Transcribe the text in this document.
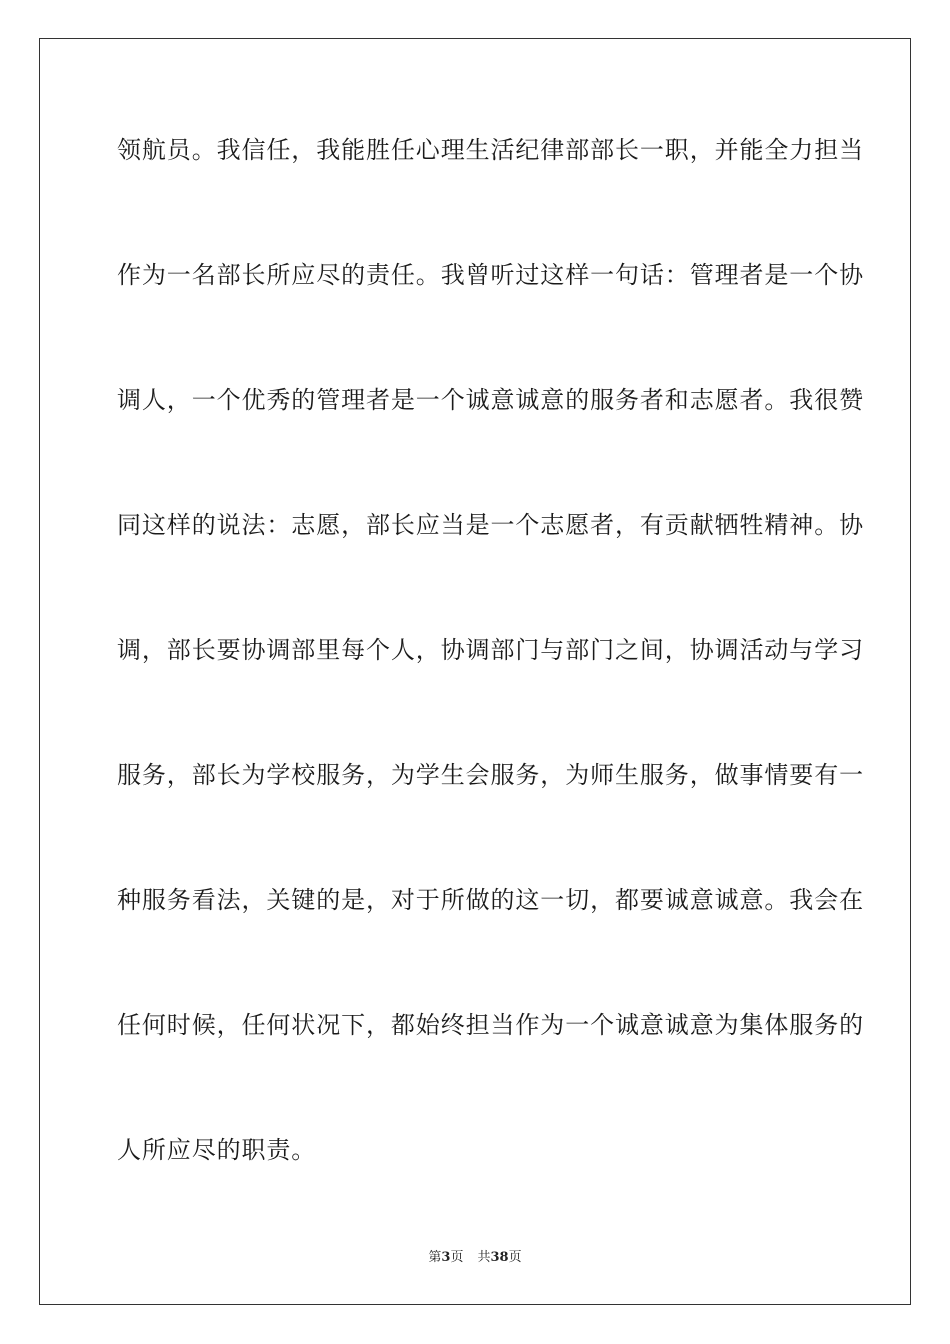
领航员。我信任，我能胜任心理生活纪律部部长一职，并能全力担当
作为一名部长所应尽的责任。我曾听过这样一句话：管理者是一个协
调人，一个优秀的管理者是一个诚意诚意的服务者和志愿者。我很赞
同这样的说法：志愿，部长应当是一个志愿者，有贡献牺牲精神。协
调，部长要协调部里每个人，协调部门与部门之间，协调活动与学习
服务，部长为学校服务，为学生会服务，为师生服务，做事情要有一
种服务看法，关键的是，对于所做的这一切，都要诚意诚意。我会在
任何时候，任何状况下，都始终担当作为一个诚意诚意为集体服务的
人所应尽的职责。
第3页 共38页
